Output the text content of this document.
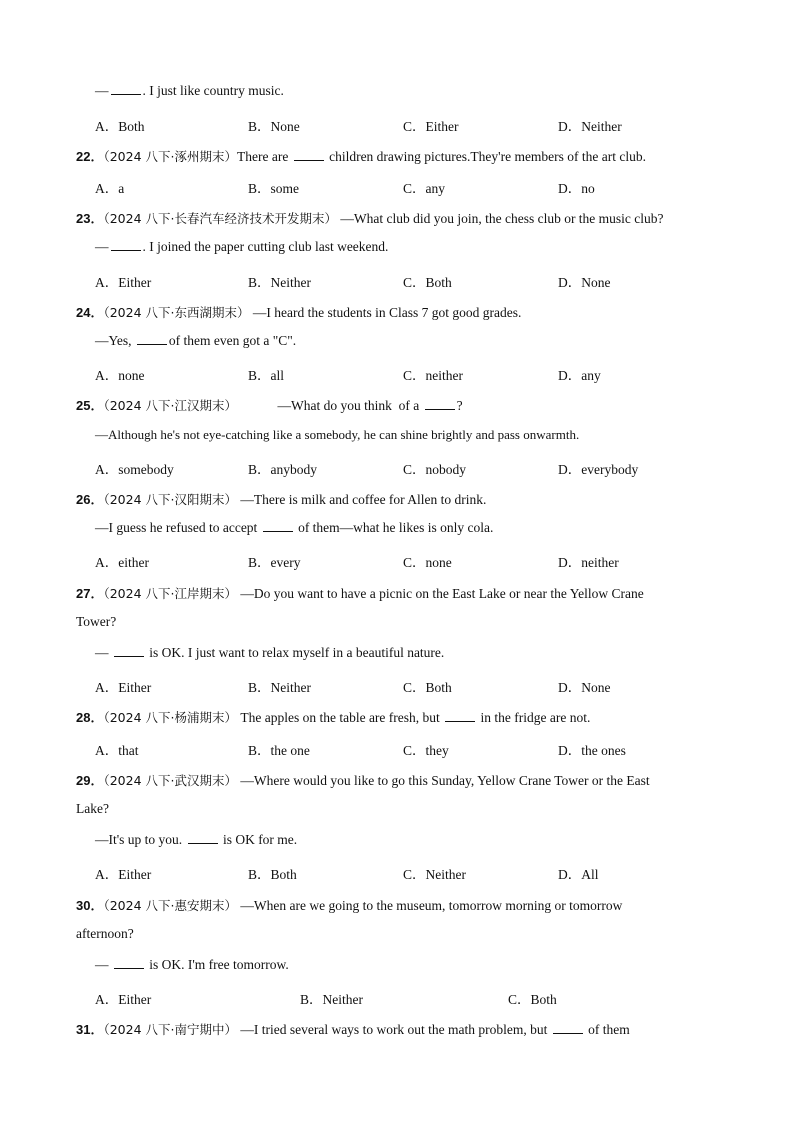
—	. I just like country music.
A．Both	B．None	C．Either	D．Neither
22．（2024 八下·涿州期末）There are	children drawing pictures.They're members of the art club.
A．a	B．some	C．any	D．no
23．（2024 八下·长春汽车经济技术开发期末） —What club did you join, the chess club or the music club?
—	. I joined the paper cutting club last weekend.
A．Either	B．Neither	C．Both	D．None
24．（2024 八下·东西湖期末） —I heard the students in Class 7 got good grades.
—Yes,	of them even got a "C".
A．none	B．all	C．neither	D．any
25．（2024 八下·江汉期末）            —What do you think  of a	?
—Although he's not eye-catching like a somebody, he can shine brightly and pass onwarmth.
A．somebody	B．anybody	C．nobody	D．everybody
26．（2024 八下·汉阳期末） —There is milk and coffee for Allen to drink.
—I guess he refused to accept	of them—what he likes is only cola.
A．either	B．every	C．none	D．neither
27．（2024 八下·江岸期末） —Do you want to have a picnic on the East Lake or near the Yellow Crane
Tower?
—	is OK. I just want to relax myself in a beautiful nature.
A．Either	B．Neither	C．Both	D．None
28．（2024 八下·杨浦期末） The apples on the table are fresh, but	in the fridge are not.
A．that	B．the one	C．they	D．the ones
29．（2024 八下·武汉期末） —Where would you like to go this Sunday, Yellow Crane Tower or the East
Lake?
—It's up to you.	is OK for me.
A．Either	B．Both	C．Neither	D．All
30．（2024 八下·惠安期末） —When are we going to the museum, tomorrow morning or tomorrow
afternoon?
—	is OK. I'm free tomorrow.
A．Either	B．Neither	C．Both
31．（2024 八下·南宁期中） —I tried several ways to work out the math problem, but	of them
